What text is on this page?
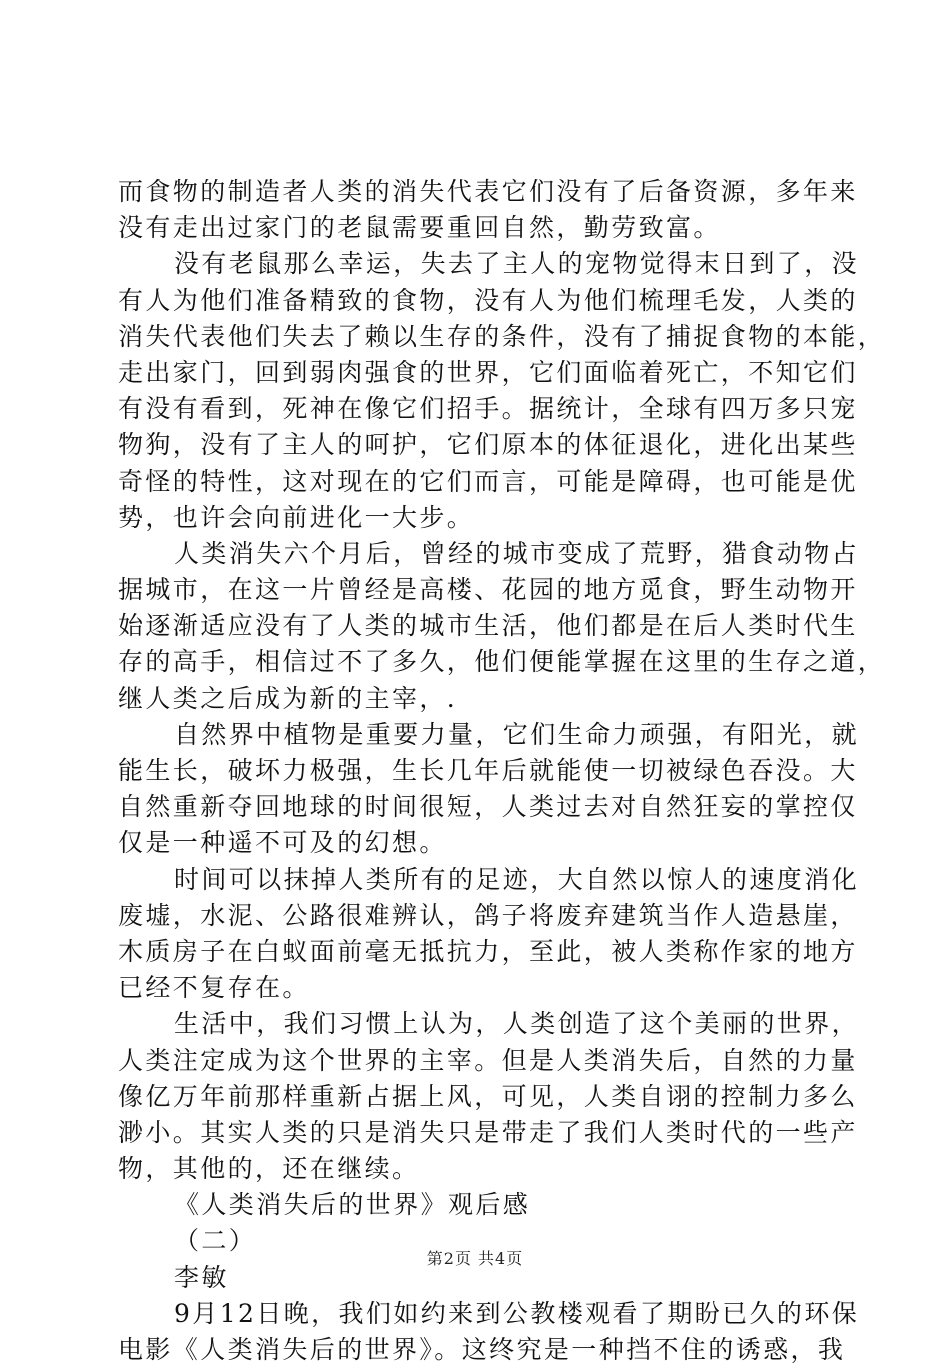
而食物的制造者人类的消失代表它们没有了后备资源，多年来
没有走出过家门的老鼠需要重回自然，勤劳致富。
没有老鼠那么幸运，失去了主人的宠物觉得末日到了，没
有人为他们准备精致的食物，没有人为他们梳理毛发，人类的
消失代表他们失去了赖以生存的条件，没有了捕捉食物的本能，
走出家门，回到弱肉强食的世界，它们面临着死亡，不知它们
有没有看到，死神在像它们招手。据统计，全球有四万多只宠
物狗，没有了主人的呵护，它们原本的体征退化，进化出某些
奇怪的特性，这对现在的它们而言，可能是障碍，也可能是优
势，也许会向前进化一大步。
人类消失六个月后，曾经的城市变成了荒野，猎食动物占
据城市，在这一片曾经是高楼、花园的地方觅食，野生动物开
始逐渐适应没有了人类的城市生活，他们都是在后人类时代生
存的高手，相信过不了多久，他们便能掌握在这里的生存之道，
继人类之后成为新的主宰，.
自然界中植物是重要力量，它们生命力顽强，有阳光，就
能生长，破坏力极强，生长几年后就能使一切被绿色吞没。大
自然重新夺回地球的时间很短，人类过去对自然狂妄的掌控仅
仅是一种遥不可及的幻想。
时间可以抹掉人类所有的足迹，大自然以惊人的速度消化
废墟，水泥、公路很难辨认，鸽子将废弃建筑当作人造悬崖，
木质房子在白蚁面前毫无抵抗力，至此，被人类称作家的地方
已经不复存在。
生活中，我们习惯上认为，人类创造了这个美丽的世界，
人类注定成为这个世界的主宰。但是人类消失后，自然的力量
像亿万年前那样重新占据上风，可见，人类自诩的控制力多么
渺小。其实人类的只是消失只是带走了我们人类时代的一些产
物，其他的，还在继续。
《人类消失后的世界》观后感
（二）
李敏
9月12日晚，我们如约来到公教楼观看了期盼已久的环保
电影《人类消失后的世界》。这终究是一种挡不住的诱惑，我
第2页 共4页
